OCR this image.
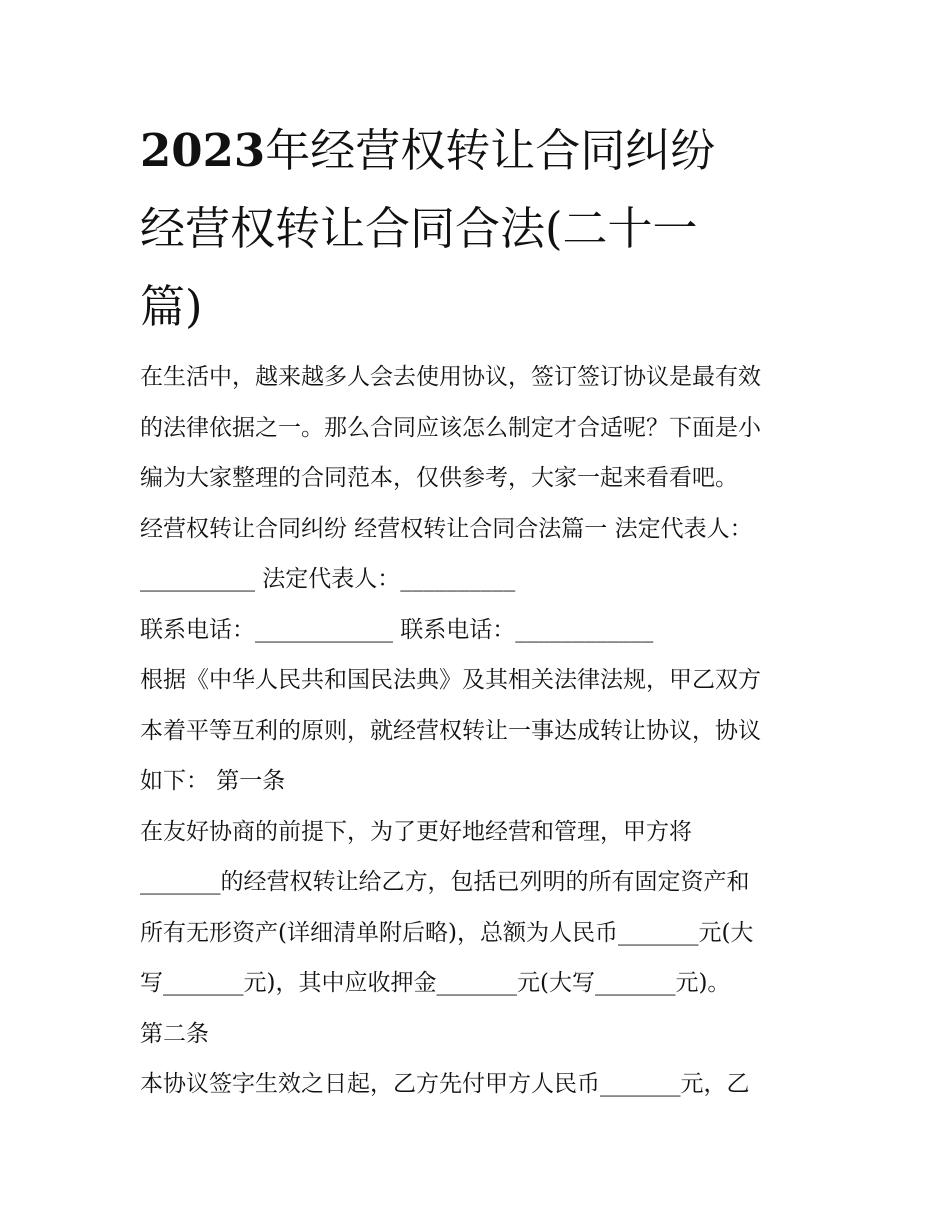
2023年经营权转让合同纠纷
经营权转让合同合法(二十一
篇)
在生活中，越来越多人会去使用协议，签订签订协议是最有效
的法律依据之一。那么合同应该怎么制定才合适呢？下面是小
编为大家整理的合同范本，仅供参考，大家一起来看看吧。
经营权转让合同纠纷 经营权转让合同合法篇一 法定代表人：
__________ 法定代表人：__________
联系电话：____________ 联系电话：____________
根据《中华人民共和国民法典》及其相关法律法规，甲乙双方
本着平等互利的原则，就经营权转让一事达成转让协议，协议
如下： 第一条
在友好协商的前提下，为了更好地经营和管理，甲方将
_______的经营权转让给乙方，包括已列明的所有固定资产和
所有无形资产(详细清单附后略)，总额为人民币_______元(大
写_______元)，其中应收押金_______元(大写_______元)。
第二条
本协议签字生效之日起，乙方先付甲方人民币_______元，乙
